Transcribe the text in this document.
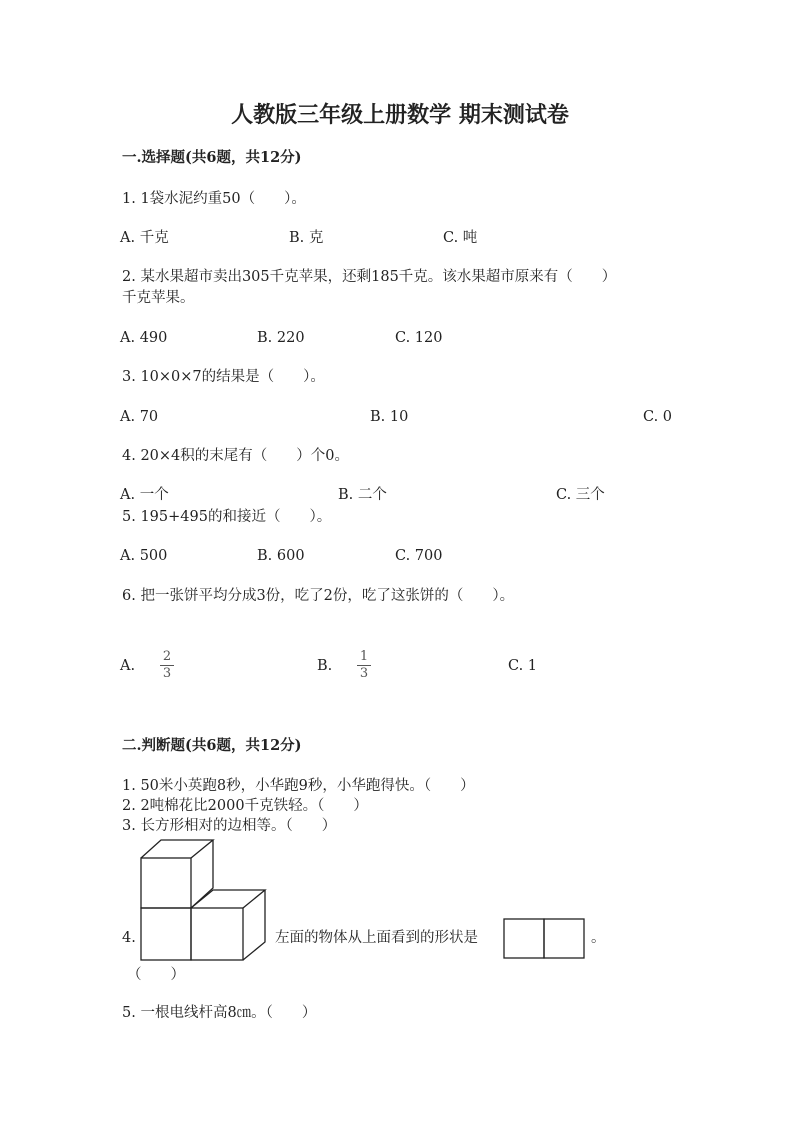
人教版三年级上册数学 期末测试卷
一.选择题(共6题，共12分)
1. 1袋水泥约重50（　　）。
A. 千克	B. 克	C. 吨
2. 某水果超市卖出305千克苹果，还剩185千克。该水果超市原来有（　　）
千克苹果。
A. 490	B. 220	C. 120
3. 10×0×7的结果是（　　）。
A. 70	B. 10	C. 0
4. 20×4积的末尾有（　　）个0。
A. 一个	B. 二个	C. 三个
5. 195+495的和接近（　　）。
A. 500	B. 600	C. 700
6. 把一张饼平均分成3份，吃了2份，吃了这张饼的（　　）。
A. $\frac{2}{3}$	B. $\frac{1}{3}$	C. 1
二.判断题(共6题，共12分)
1. 50米小英跑8秒，小华跑9秒，小华跑得快。（　　）
2. 2吨棉花比2000千克铁轻。（　　）
3. 长方形相对的边相等。（　　）
4.	左面的物体从上面看到的形状是	。
（　　）
5. 一根电线杆高8㎝。（　　）
